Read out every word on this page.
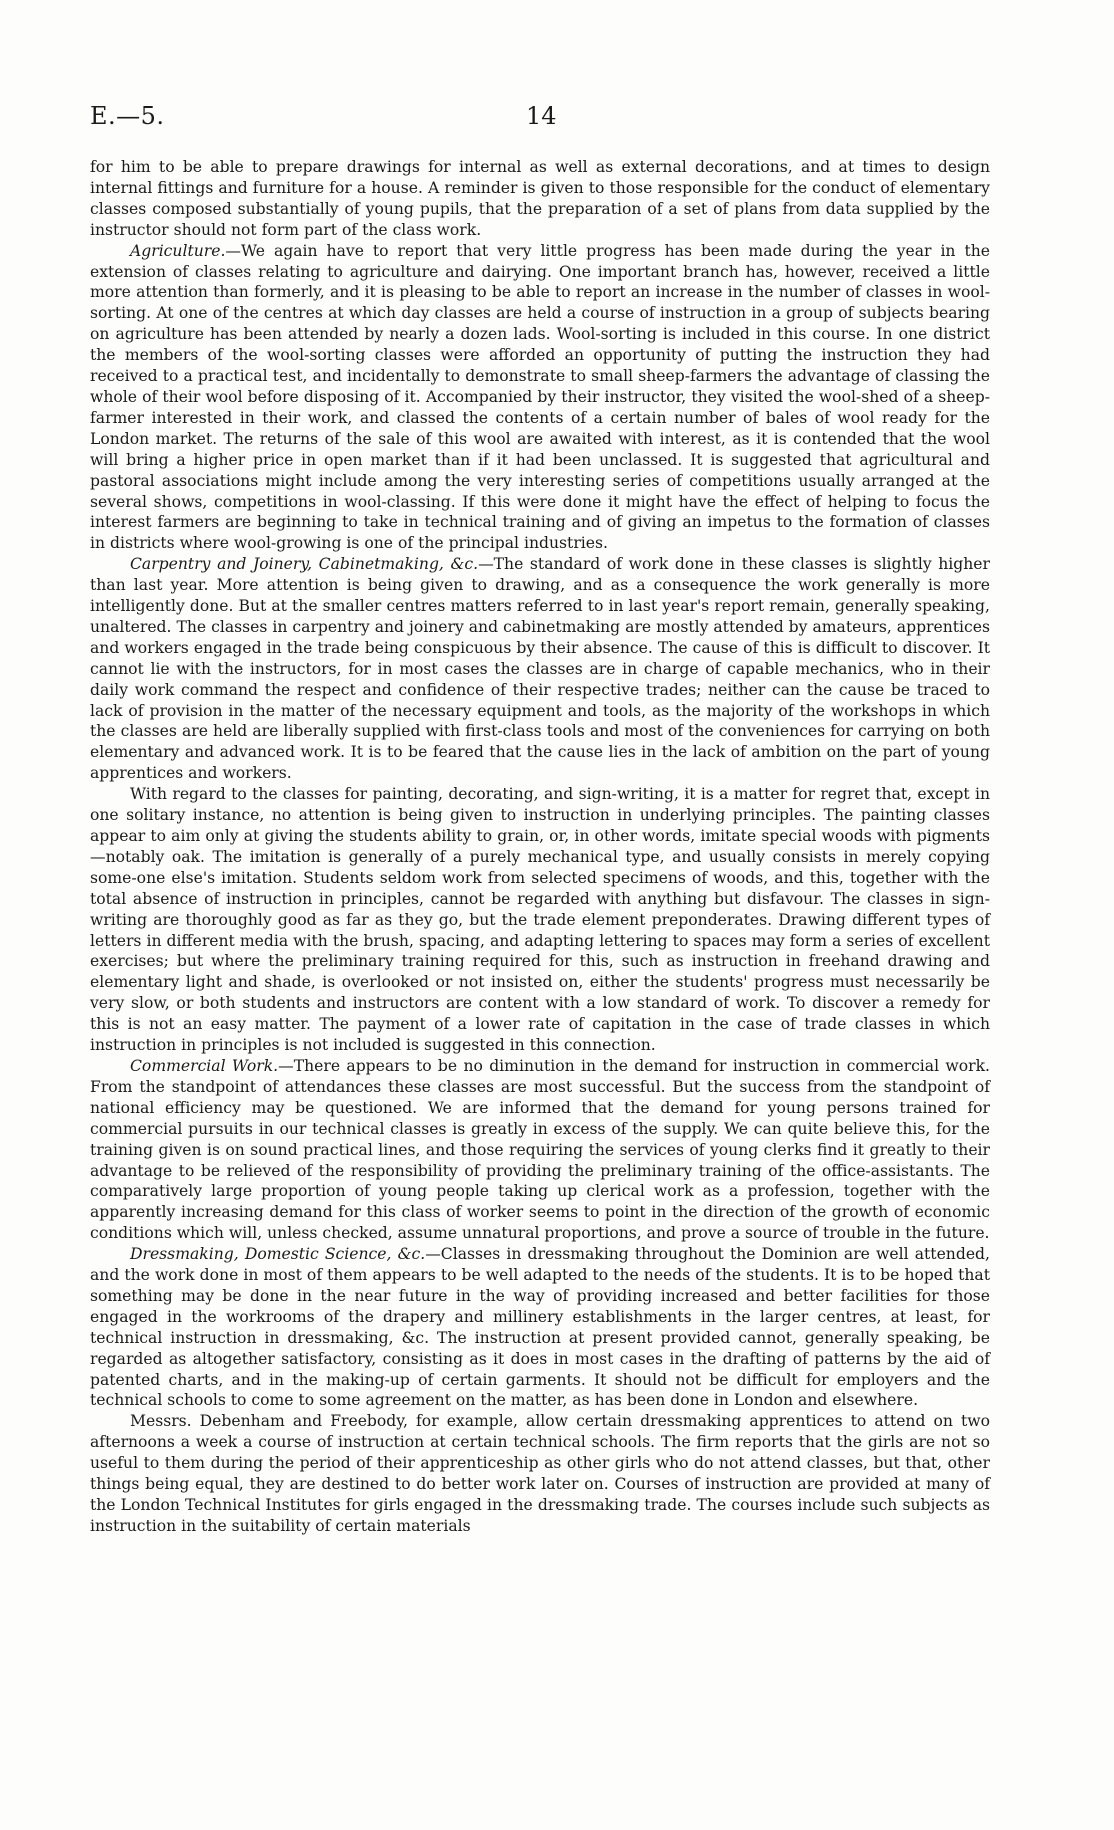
E.—5.	14

for him to be able to prepare drawings for internal as well as external decorations, and at times to design internal fittings and furniture for a house. A reminder is given to those responsible for the conduct of elementary classes composed substantially of young pupils, that the preparation of a set of plans from data supplied by the instructor should not form part of the class work.

Agriculture.—We again have to report that very little progress has been made during the year in the extension of classes relating to agriculture and dairying. One important branch has, however, received a little more attention than formerly, and it is pleasing to be able to report an increase in the number of classes in wool-sorting. At one of the centres at which day classes are held a course of instruction in a group of subjects bearing on agriculture has been attended by nearly a dozen lads. Wool-sorting is included in this course. In one district the members of the wool-sorting classes were afforded an opportunity of putting the instruction they had received to a practical test, and incidentally to demonstrate to small sheep-farmers the advantage of classing the whole of their wool before disposing of it. Accompanied by their instructor, they visited the wool-shed of a sheep-farmer interested in their work, and classed the contents of a certain number of bales of wool ready for the London market. The returns of the sale of this wool are awaited with interest, as it is contended that the wool will bring a higher price in open market than if it had been unclassed. It is suggested that agricultural and pastoral associations might include among the very interesting series of competitions usually arranged at the several shows, competitions in wool-classing. If this were done it might have the effect of helping to focus the interest farmers are beginning to take in technical training and of giving an impetus to the formation of classes in districts where wool-growing is one of the principal industries.

Carpentry and Joinery, Cabinetmaking, &c.—The standard of work done in these classes is slightly higher than last year. More attention is being given to drawing, and as a consequence the work generally is more intelligently done. But at the smaller centres matters referred to in last year's report remain, generally speaking, unaltered. The classes in carpentry and joinery and cabinetmaking are mostly attended by amateurs, apprentices and workers engaged in the trade being conspicuous by their absence. The cause of this is difficult to discover. It cannot lie with the instructors, for in most cases the classes are in charge of capable mechanics, who in their daily work command the respect and confidence of their respective trades; neither can the cause be traced to lack of provision in the matter of the necessary equipment and tools, as the majority of the workshops in which the classes are held are liberally supplied with first-class tools and most of the conveniences for carrying on both elementary and advanced work. It is to be feared that the cause lies in the lack of ambition on the part of young apprentices and workers.

With regard to the classes for painting, decorating, and sign-writing, it is a matter for regret that, except in one solitary instance, no attention is being given to instruction in underlying principles. The painting classes appear to aim only at giving the students ability to grain, or, in other words, imitate special woods with pigments—notably oak. The imitation is generally of a purely mechanical type, and usually consists in merely copying some-one else's imitation. Students seldom work from selected specimens of woods, and this, together with the total absence of instruction in principles, cannot be regarded with anything but disfavour. The classes in sign-writing are thoroughly good as far as they go, but the trade element preponderates. Drawing different types of letters in different media with the brush, spacing, and adapting lettering to spaces may form a series of excellent exercises; but where the preliminary training required for this, such as instruction in freehand drawing and elementary light and shade, is overlooked or not insisted on, either the students' progress must necessarily be very slow, or both students and instructors are content with a low standard of work. To discover a remedy for this is not an easy matter. The payment of a lower rate of capitation in the case of trade classes in which instruction in principles is not included is suggested in this connection.

Commercial Work.—There appears to be no diminution in the demand for instruction in commercial work. From the standpoint of attendances these classes are most successful. But the success from the standpoint of national efficiency may be questioned. We are informed that the demand for young persons trained for commercial pursuits in our technical classes is greatly in excess of the supply. We can quite believe this, for the training given is on sound practical lines, and those requiring the services of young clerks find it greatly to their advantage to be relieved of the responsibility of providing the preliminary training of the office-assistants. The comparatively large proportion of young people taking up clerical work as a profession, together with the apparently increasing demand for this class of worker seems to point in the direction of the growth of economic conditions which will, unless checked, assume unnatural proportions, and prove a source of trouble in the future.

Dressmaking, Domestic Science, &c.—Classes in dressmaking throughout the Dominion are well attended, and the work done in most of them appears to be well adapted to the needs of the students. It is to be hoped that something may be done in the near future in the way of providing increased and better facilities for those engaged in the workrooms of the drapery and millinery establishments in the larger centres, at least, for technical instruction in dressmaking, &c. The instruction at present provided cannot, generally speaking, be regarded as altogether satisfactory, consisting as it does in most cases in the drafting of patterns by the aid of patented charts, and in the making-up of certain garments. It should not be difficult for employers and the technical schools to come to some agreement on the matter, as has been done in London and elsewhere.

Messrs. Debenham and Freebody, for example, allow certain dressmaking apprentices to attend on two afternoons a week a course of instruction at certain technical schools. The firm reports that the girls are not so useful to them during the period of their apprenticeship as other girls who do not attend classes, but that, other things being equal, they are destined to do better work later on. Courses of instruction are provided at many of the London Technical Institutes for girls engaged in the dressmaking trade. The courses include such subjects as instruction in the suitability of certain materials
